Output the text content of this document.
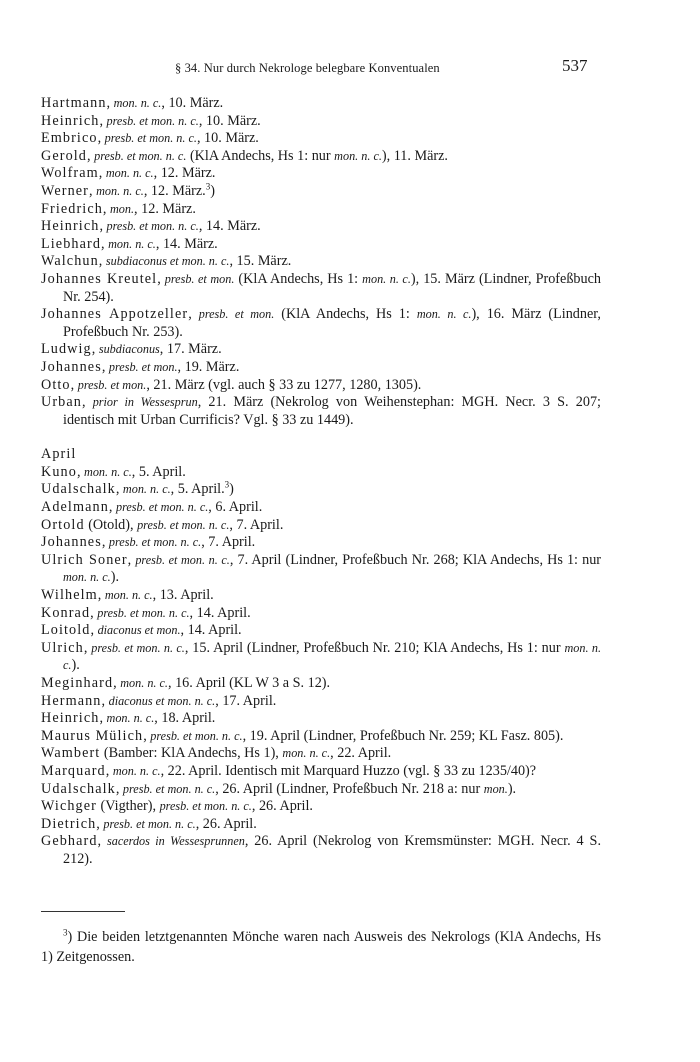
§ 34. Nur durch Nekrologe belegbare Konventualen	537
Hartmann, mon. n. c., 10. März.
Heinrich, presb. et mon. n. c., 10. März.
Embrico, presb. et mon. n. c., 10. März.
Gerold, presb. et mon. n. c. (KlA Andechs, Hs 1: nur mon. n. c.), 11. März.
Wolfram, mon. n. c., 12. März.
Werner, mon. n. c., 12. März.$^3$)
Friedrich, mon., 12. März.
Heinrich, presb. et mon. n. c., 14. März.
Liebhard, mon. n. c., 14. März.
Walchun, subdiaconus et mon. n. c., 15. März.
Johannes Kreutel, presb. et mon. (KlA Andechs, Hs 1: mon. n. c.), 15. März (Lindner, Profeßbuch Nr. 254).
Johannes Appotzeller, presb. et mon. (KlA Andechs, Hs 1: mon. n. c.), 16. März (Lindner, Profeßbuch Nr. 253).
Ludwig, subdiaconus, 17. März.
Johannes, presb. et mon., 19. März.
Otto, presb. et mon., 21. März (vgl. auch § 33 zu 1277, 1280, 1305).
Urban, prior in Wessesprun, 21. März (Nekrolog von Weihenstephan: MGH. Necr. 3 S. 207; identisch mit Urban Currificis? Vgl. § 33 zu 1449).
April
Kuno, mon. n. c., 5. April.
Udalschalk, mon. n. c., 5. April.$^3$)
Adelmann, presb. et mon. n. c., 6. April.
Ortold (Otold), presb. et mon. n. c., 7. April.
Johannes, presb. et mon. n. c., 7. April.
Ulrich Soner, presb. et mon. n. c., 7. April (Lindner, Profeßbuch Nr. 268; KlA Andechs, Hs 1: nur mon. n. c.).
Wilhelm, mon. n. c., 13. April.
Konrad, presb. et mon. n. c., 14. April.
Loitold, diaconus et mon., 14. April.
Ulrich, presb. et mon. n. c., 15. April (Lindner, Profeßbuch Nr. 210; KlA Andechs, Hs 1: nur mon. n. c.).
Meginhard, mon. n. c., 16. April (KL W 3 a S. 12).
Hermann, diaconus et mon. n. c., 17. April.
Heinrich, mon. n. c., 18. April.
Maurus Mülich, presb. et mon. n. c., 19. April (Lindner, Profeßbuch Nr. 259; KL Fasz. 805).
Wambert (Bamber: KlA Andechs, Hs 1), mon. n. c., 22. April.
Marquard, mon. n. c., 22. April. Identisch mit Marquard Huzzo (vgl. § 33 zu 1235/40)?
Udalschalk, presb. et mon. n. c., 26. April (Lindner, Profeßbuch Nr. 218 a: nur mon.).
Wichger (Vigther), presb. et mon. n. c., 26. April.
Dietrich, presb. et mon. n. c., 26. April.
Gebhard, sacerdos in Wessesprunnen, 26. April (Nekrolog von Kremsmünster: MGH. Necr. 4 S. 212).
$^3$) Die beiden letztgenannten Mönche waren nach Ausweis des Nekrologs (KlA Andechs, Hs 1) Zeitgenossen.
